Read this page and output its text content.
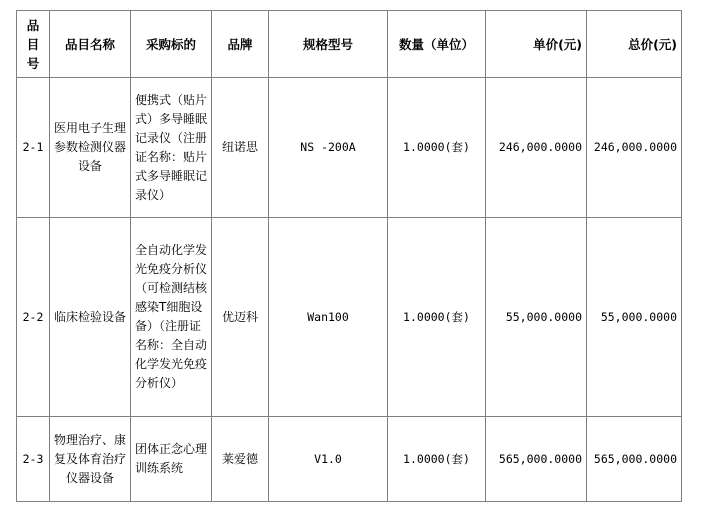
品目号	品目名称	采购标的	品牌	规格型号	数量（单位）	单价(元)	总价(元)
2-1	医用电子生理参数检测仪器设备	便携式（贴片式）多导睡眠记录仪（注册证名称：贴片式多导睡眠记录仪）	纽诺思	NS -200A	1.0000(套)	246,000.0000	246,000.0000
2-2	临床检验设备	全自动化学发光免疫分析仪（可检测结核感染T细胞设备）（注册证名称：全自动化学发光免疫分析仪）	优迈科	Wan100	1.0000(套)	55,000.0000	55,000.0000
2-3	物理治疗、康复及体育治疗仪器设备	团体正念心理训练系统	莱爱德	V1.0	1.0000(套)	565,000.0000	565,000.0000
